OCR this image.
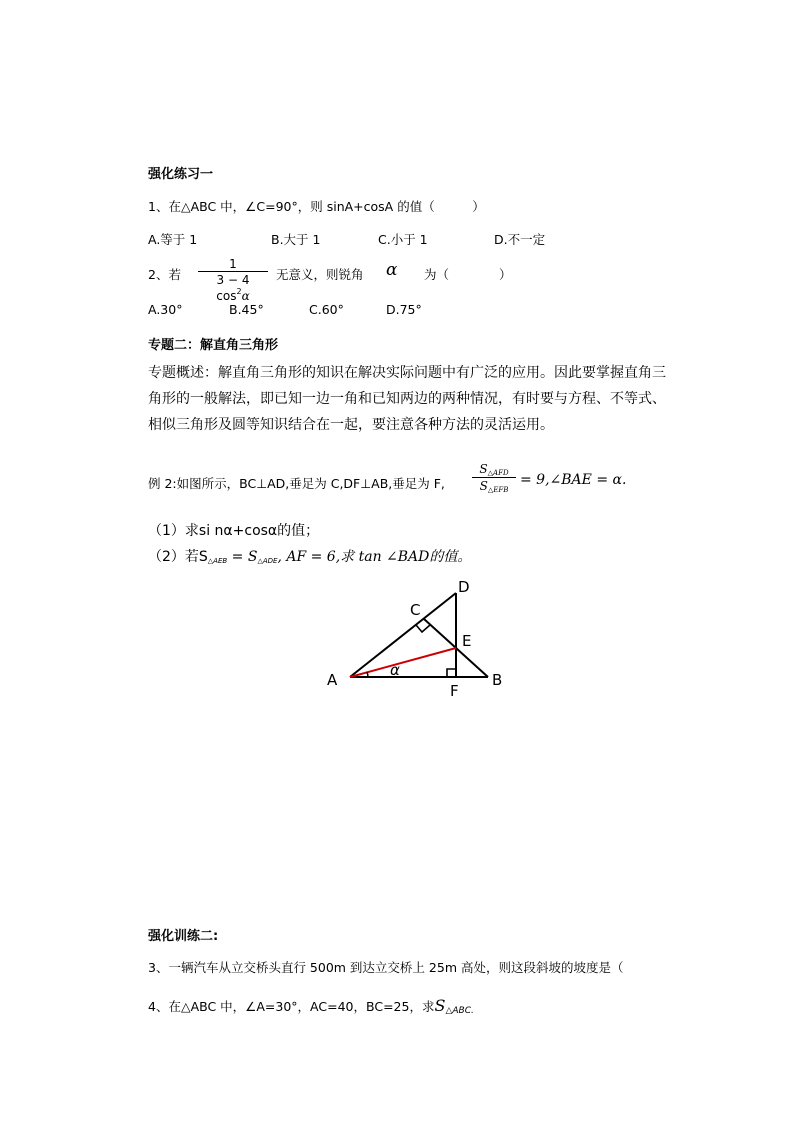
强化练习一
1、在△ABC 中，∠C=90°，则 sinA+cosA 的值（　　　）
A.等于 1	B.大于 1	C.小于 1	D.不一定
2、若 $\frac{1}{3 - 4 \cos^2\alpha}$ 无意义，则锐角 α 为（　　　　）
A.30°	B.45°	C.60°	D.75°
专题二：解直角三角形
专题概述：解直角三角形的知识在解决实际问题中有广泛的应用。因此要掌握直角三角形的一般解法，即已知一边一角和已知两边的两种情况，有时要与方程、不等式、相似三角形及圆等知识结合在一起，要注意各种方法的灵活运用。
例 2:如图所示，BC⊥AD,垂足为 C,DF⊥AB,垂足为 F,
$S_{\triangle AFD}$
$S_{\triangle EFB}$
= 9,∠BAE = α.
（1）求si nα+cosα的值；
（2）若$S_{\triangle AEB} = S_{\triangle ADE}$, AF = 6,求 tan ∠BAD的值。
A	B
C
D
E
F
α
强化训练二:
3、一辆汽车从立交桥头直行 500m 到达立交桥上 25m 高处，则这段斜坡的坡度是（
4、在△ABC 中，∠A=30°，AC=40，BC=25，求$S_{\triangle ABC.}$
